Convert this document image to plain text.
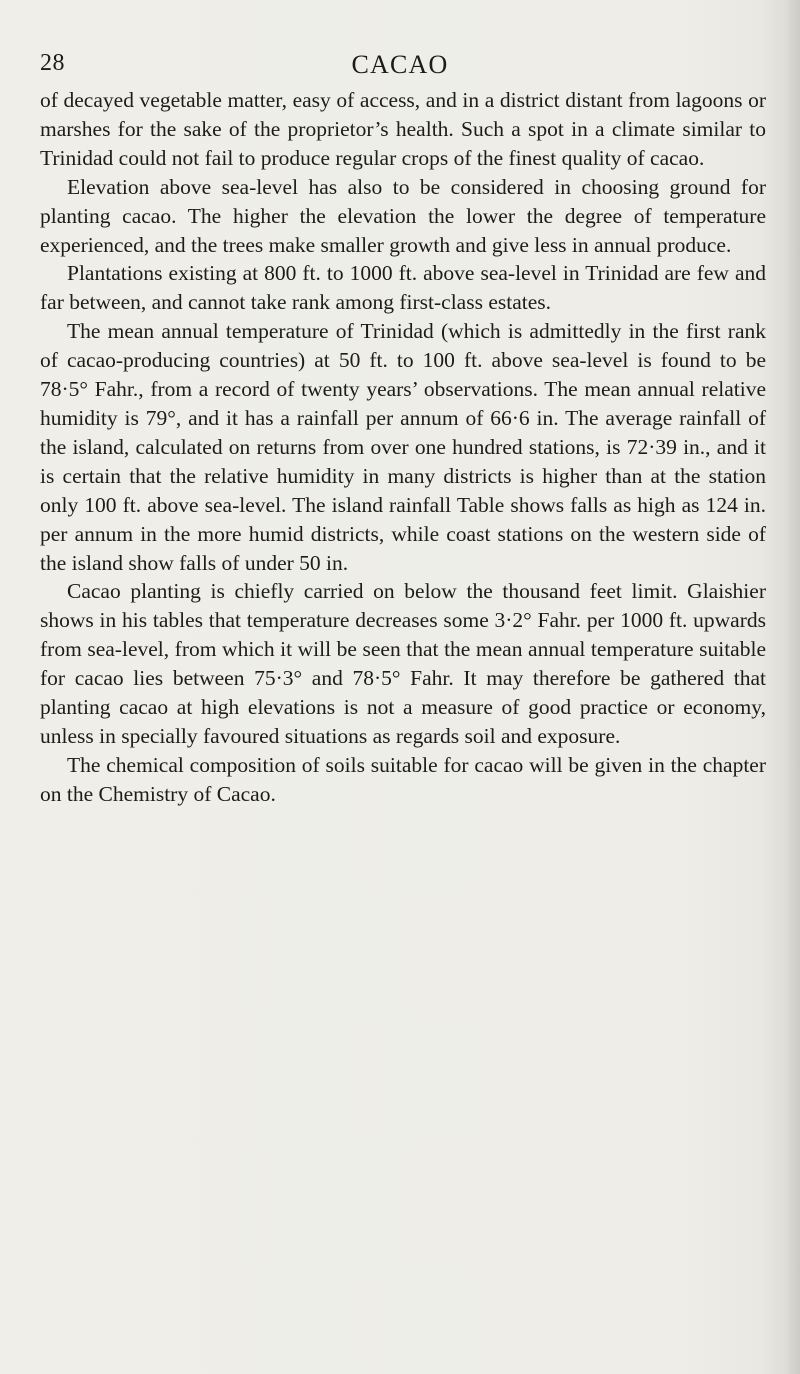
28	CACAO

of decayed vegetable matter, easy of access, and in a district distant from lagoons or marshes for the sake of the proprietor’s health. Such a spot in a climate similar to Trinidad could not fail to produce regular crops of the finest quality of cacao.

Elevation above sea-level has also to be considered in choosing ground for planting cacao. The higher the elevation the lower the degree of temperature experienced, and the trees make smaller growth and give less in annual produce.

Plantations existing at 800 ft. to 1000 ft. above sea-level in Trinidad are few and far between, and cannot take rank among first-class estates.

The mean annual temperature of Trinidad (which is admittedly in the first rank of cacao-producing countries) at 50 ft. to 100 ft. above sea-level is found to be 78·5° Fahr., from a record of twenty years’ observations. The mean annual relative humidity is 79°, and it has a rainfall per annum of 66·6 in. The average rainfall of the island, calculated on returns from over one hundred stations, is 72·39 in., and it is certain that the relative humidity in many districts is higher than at the station only 100 ft. above sea-level. The island rainfall Table shows falls as high as 124 in. per annum in the more humid districts, while coast stations on the western side of the island show falls of under 50 in.

Cacao planting is chiefly carried on below the thousand feet limit. Glaishier shows in his tables that temperature decreases some 3·2° Fahr. per 1000 ft. upwards from sea-level, from which it will be seen that the mean annual temperature suitable for cacao lies between 75·3° and 78·5° Fahr. It may therefore be gathered that planting cacao at high elevations is not a measure of good practice or economy, unless in specially favoured situations as regards soil and exposure.

The chemical composition of soils suitable for cacao will be given in the chapter on the Chemistry of Cacao.
